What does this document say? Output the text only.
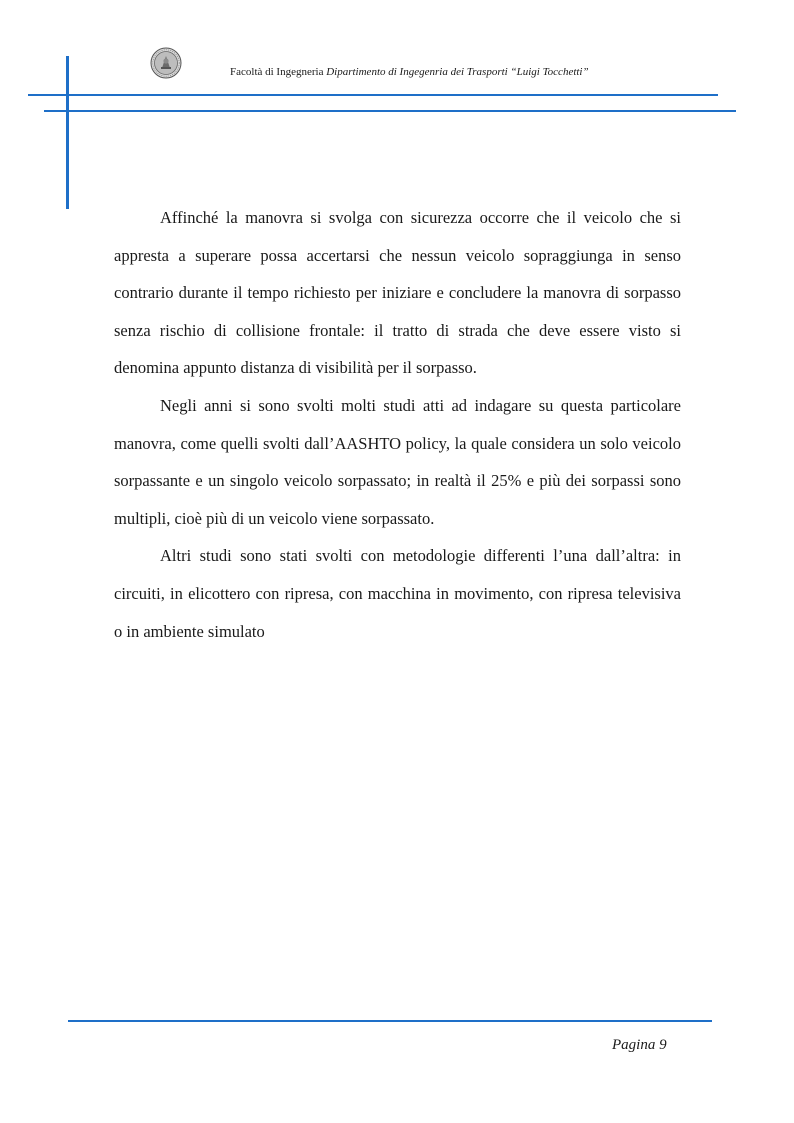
Facoltà di Ingegneria Dipartimento di Ingegenria dei Trasporti “Luigi Tocchetti”

Affinché la manovra si svolga con sicurezza occorre che il veicolo che si appresta a superare possa accertarsi che nessun veicolo sopraggiunga in senso contrario durante il tempo richiesto per iniziare e concludere la manovra di sorpasso senza rischio di collisione frontale: il tratto di strada che deve essere visto si denomina appunto distanza di visibilità per il sorpasso.

Negli anni si sono svolti molti studi atti ad indagare su questa particolare manovra, come quelli svolti dall’AASHTO policy, la quale considera un solo veicolo sorpassante e un singolo veicolo sorpassato; in realtà il 25% e più dei sorpassi sono multipli, cioè più di un veicolo viene sorpassato.

Altri studi sono stati svolti con metodologie differenti l’una dall’altra: in circuiti, in elicottero con ripresa, con macchina in movimento, con ripresa televisiva o in ambiente simulato

Pagina 9
